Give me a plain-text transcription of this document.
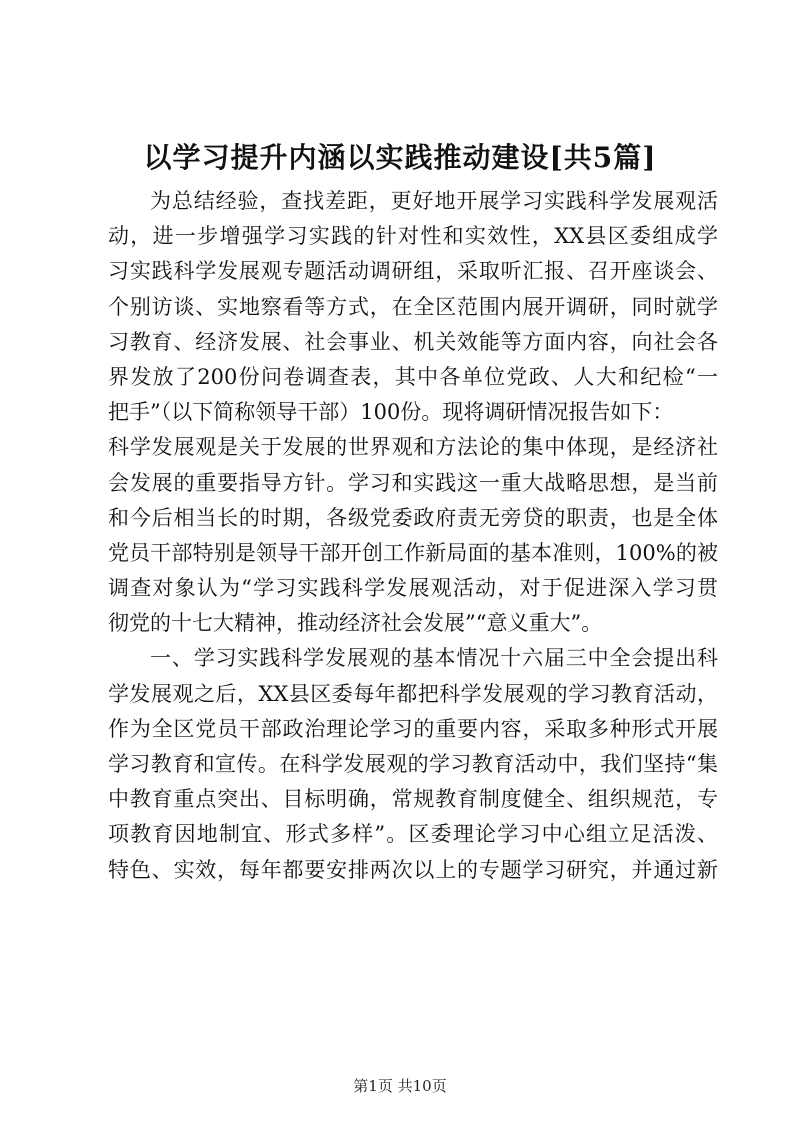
以学习提升内涵以实践推动建设[共5篇]
为总结经验，查找差距，更好地开展学习实践科学发展观活
动，进一步增强学习实践的针对性和实效性，XX县区委组成学
习实践科学发展观专题活动调研组，采取听汇报、召开座谈会、
个别访谈、实地察看等方式，在全区范围内展开调研，同时就学
习教育、经济发展、社会事业、机关效能等方面内容，向社会各
界发放了200份问卷调查表，其中各单位党政、人大和纪检“一
把手”（以下简称领导干部）100份。现将调研情况报告如下：
科学发展观是关于发展的世界观和方法论的集中体现，是经济社
会发展的重要指导方针。学习和实践这一重大战略思想，是当前
和今后相当长的时期，各级党委政府责无旁贷的职责，也是全体
党员干部特别是领导干部开创工作新局面的基本准则，100%的被
调查对象认为“学习实践科学发展观活动，对于促进深入学习贯
彻党的十七大精神，推动经济社会发展”“意义重大”。
一、学习实践科学发展观的基本情况十六届三中全会提出科
学发展观之后，XX县区委每年都把科学发展观的学习教育活动，
作为全区党员干部政治理论学习的重要内容，采取多种形式开展
学习教育和宣传。在科学发展观的学习教育活动中，我们坚持“集
中教育重点突出、目标明确，常规教育制度健全、组织规范，专
项教育因地制宜、形式多样”。区委理论学习中心组立足活泼、
特色、实效，每年都要安排两次以上的专题学习研究，并通过新
第1页 共10页
